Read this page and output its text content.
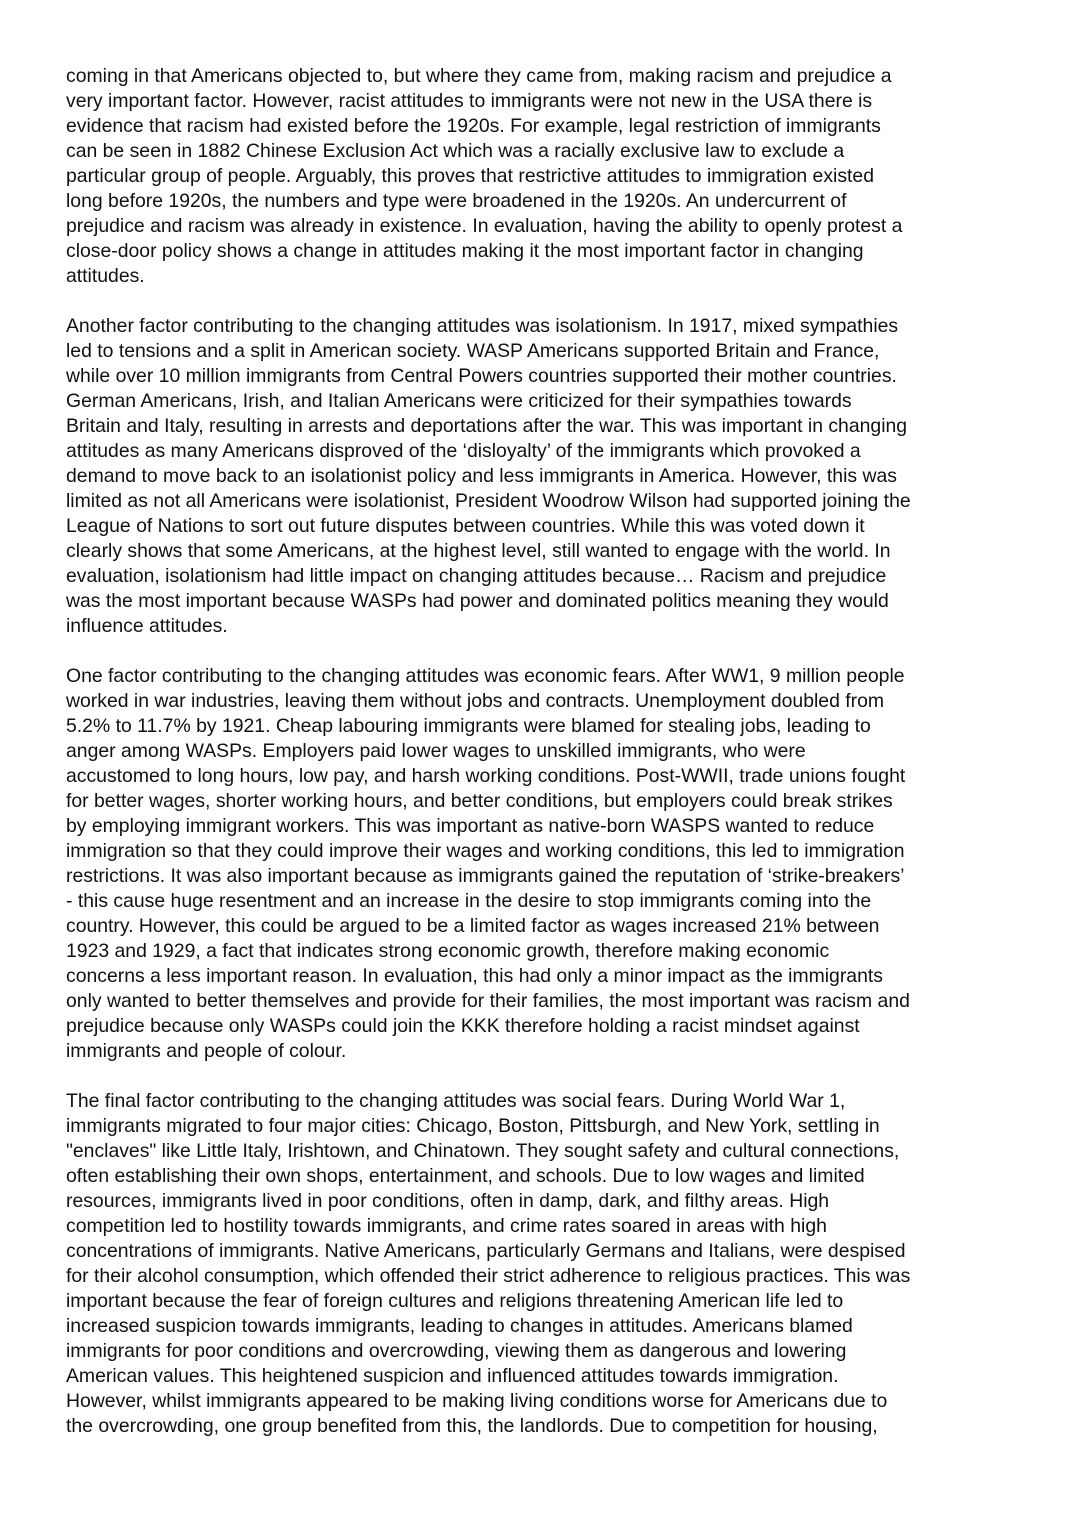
coming in that Americans objected to, but where they came from, making racism and prejudice a
very important factor. However, racist attitudes to immigrants were not new in the USA there is
evidence that racism had existed before the 1920s. For example, legal restriction of immigrants
can be seen in 1882 Chinese Exclusion Act which was a racially exclusive law to exclude a
particular group of people. Arguably, this proves that restrictive attitudes to immigration existed
long before 1920s, the numbers and type were broadened in the 1920s. An undercurrent of
prejudice and racism was already in existence. In evaluation, having the ability to openly protest a
close-door policy shows a change in attitudes making it the most important factor in changing
attitudes.
Another factor contributing to the changing attitudes was isolationism. In 1917, mixed sympathies
led to tensions and a split in American society. WASP Americans supported Britain and France,
while over 10 million immigrants from Central Powers countries supported their mother countries.
German Americans, Irish, and Italian Americans were criticized for their sympathies towards
Britain and Italy, resulting in arrests and deportations after the war. This was important in changing
attitudes as many Americans disproved of the ‘disloyalty’ of the immigrants which provoked a
demand to move back to an isolationist policy and less immigrants in America. However, this was
limited as not all Americans were isolationist, President Woodrow Wilson had supported joining the
League of Nations to sort out future disputes between countries. While this was voted down it
clearly shows that some Americans, at the highest level, still wanted to engage with the world. In
evaluation, isolationism had little impact on changing attitudes because… Racism and prejudice
was the most important because WASPs had power and dominated politics meaning they would
influence attitudes.
One factor contributing to the changing attitudes was economic fears. After WW1, 9 million people
worked in war industries, leaving them without jobs and contracts. Unemployment doubled from
5.2% to 11.7% by 1921. Cheap labouring immigrants were blamed for stealing jobs, leading to
anger among WASPs. Employers paid lower wages to unskilled immigrants, who were
accustomed to long hours, low pay, and harsh working conditions. Post-WWII, trade unions fought
for better wages, shorter working hours, and better conditions, but employers could break strikes
by employing immigrant workers. This was important as native-born WASPS wanted to reduce
immigration so that they could improve their wages and working conditions, this led to immigration
restrictions. It was also important because as immigrants gained the reputation of ‘strike-breakers’
- this cause huge resentment and an increase in the desire to stop immigrants coming into the
country. However, this could be argued to be a limited factor as wages increased 21% between
1923 and 1929, a fact that indicates strong economic growth, therefore making economic
concerns a less important reason. In evaluation, this had only a minor impact as the immigrants
only wanted to better themselves and provide for their families, the most important was racism and
prejudice because only WASPs could join the KKK therefore holding a racist mindset against
immigrants and people of colour.
The final factor contributing to the changing attitudes was social fears. During World War 1,
immigrants migrated to four major cities: Chicago, Boston, Pittsburgh, and New York, settling in
"enclaves" like Little Italy, Irishtown, and Chinatown. They sought safety and cultural connections,
often establishing their own shops, entertainment, and schools. Due to low wages and limited
resources, immigrants lived in poor conditions, often in damp, dark, and filthy areas. High
competition led to hostility towards immigrants, and crime rates soared in areas with high
concentrations of immigrants. Native Americans, particularly Germans and Italians, were despised
for their alcohol consumption, which offended their strict adherence to religious practices. This was
important because the fear of foreign cultures and religions threatening American life led to
increased suspicion towards immigrants, leading to changes in attitudes. Americans blamed
immigrants for poor conditions and overcrowding, viewing them as dangerous and lowering
American values. This heightened suspicion and influenced attitudes towards immigration.
However, whilst immigrants appeared to be making living conditions worse for Americans due to
the overcrowding, one group benefited from this, the landlords. Due to competition for housing,
